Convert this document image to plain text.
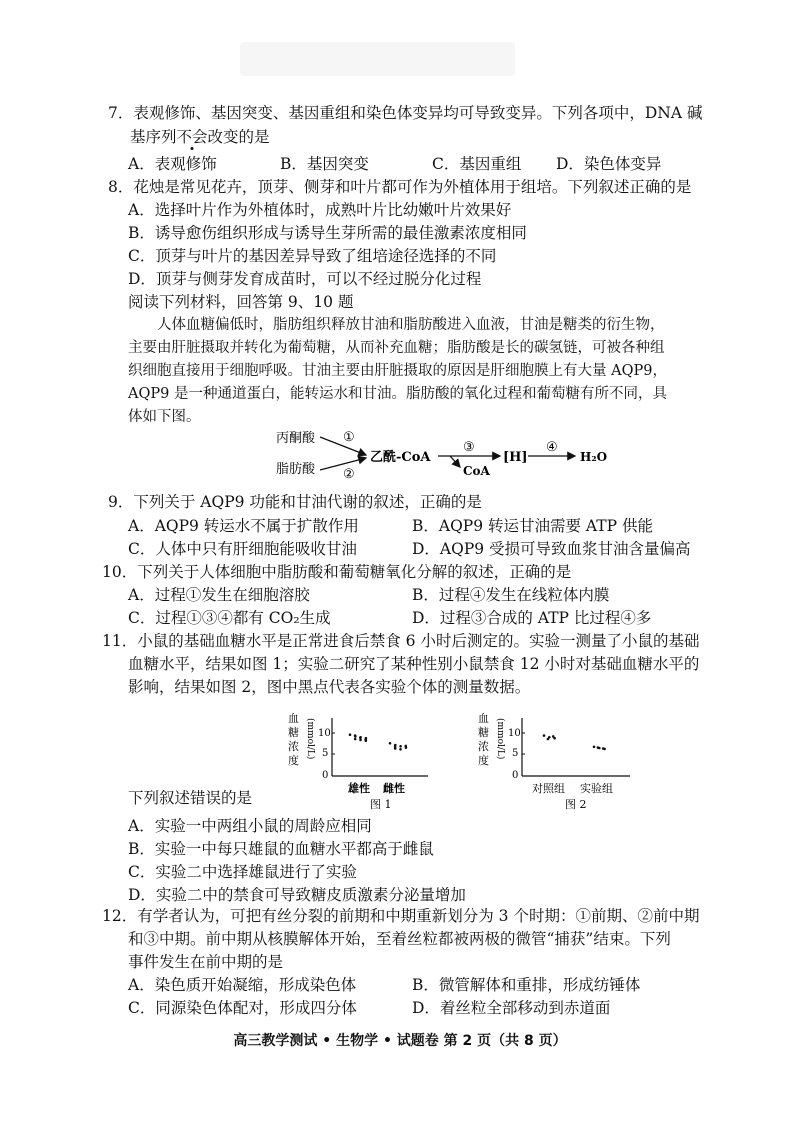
7．表观修饰、基因突变、基因重组和染色体变异均可导致变异。下列各项中，DNA 碱
基序列不会改变的是
A．表观修饰	B．基因突变	C．基因重组 D．染色体变异
8．花烛是常见花卉，顶芽、侧芽和叶片都可作为外植体用于组培。下列叙述正确的是
A．选择叶片作为外植体时，成熟叶片比幼嫩叶片效果好
B．诱导愈伤组织形成与诱导生芽所需的最佳激素浓度相同
C．顶芽与叶片的基因差异导致了组培途径选择的不同
D．顶芽与侧芽发育成苗时，可以不经过脱分化过程
阅读下列材料，回答第 9、10 题
人体血糖偏低时，脂肪组织释放甘油和脂肪酸进入血液，甘油是糖类的衍生物，
主要由肝脏摄取并转化为葡萄糖，从而补充血糖；脂肪酸是长的碳氢链，可被各种组
织细胞直接用于细胞呼吸。甘油主要由肝脏摄取的原因是肝细胞膜上有大量 AQP9，
AQP9 是一种通道蛋白，能转运水和甘油。脂肪酸的氧化过程和葡萄糖有所不同，具
体如下图。
丙酮酸
脂肪酸
①
②
乙酰-CoA
③
CoA
[H]
④
H₂O
9．下列关于 AQP9 功能和甘油代谢的叙述，正确的是
A．AQP9 转运水不属于扩散作用	B．AQP9 转运甘油需要 ATP 供能
C．人体中只有肝细胞能吸收甘油	D．AQP9 受损可导致血浆甘油含量偏高
10．下列关于人体细胞中脂肪酸和葡萄糖氧化分解的叙述，正确的是
A．过程①发生在细胞溶胶	B．过程④发生在线粒体内膜
C．过程①③④都有 CO₂生成	D．过程③合成的 ATP 比过程④多
11．小鼠的基础血糖水平是正常进食后禁食 6 小时后测定的。实验一测量了小鼠的基础
血糖水平，结果如图 1；实验二研究了某种性别小鼠禁食 12 小时对基础血糖水平的
影响，结果如图 2，图中黑点代表各实验个体的测量数据。
血
糖
浓
度
(mmol/L) 10
5
0
雄性 雌性
图 1
血
糖
浓
度
(mmol/L) 10
5
0
对照组 实验组
图 2
下列叙述错误的是
A．实验一中两组小鼠的周龄应相同
B．实验一中每只雄鼠的血糖水平都高于雌鼠
C．实验二中选择雄鼠进行了实验
D．实验二中的禁食可导致糖皮质激素分泌量增加
12．有学者认为，可把有丝分裂的前期和中期重新划分为 3 个时期：①前期、②前中期
和③中期。前中期从核膜解体开始，至着丝粒都被两极的微管“捕获”结束。下列
事件发生在前中期的是
A．染色质开始凝缩，形成染色体	B．微管解体和重排，形成纺锤体
C．同源染色体配对，形成四分体	D．着丝粒全部移动到赤道面
高三教学测试 • 生物学 • 试题卷 第 2 页（共 8 页）
